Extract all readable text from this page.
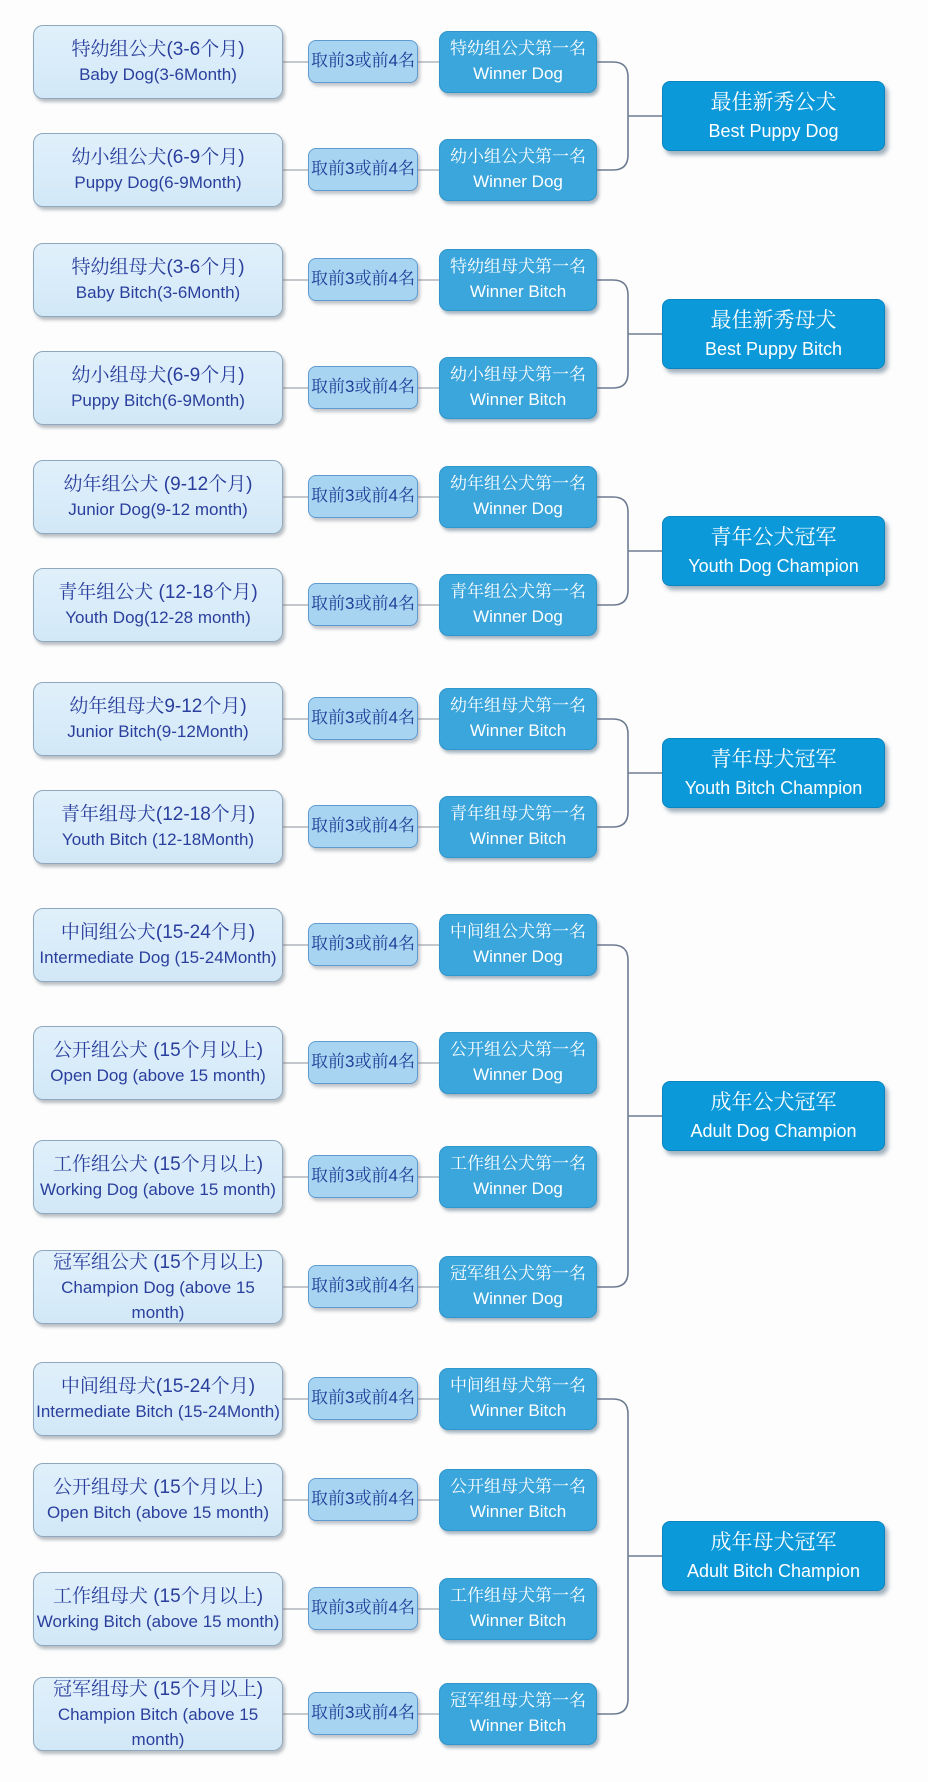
特幼组公犬(3-6个月)
Baby Dog(3-6Month)
取前3或前4名
特幼组公犬第一名
Winner Dog
幼小组公犬(6-9个月)
Puppy Dog(6-9Month)
取前3或前4名
幼小组公犬第一名
Winner Dog
最佳新秀公犬
Best Puppy Dog
特幼组母犬(3-6个月)
Baby Bitch(3-6Month)
取前3或前4名
特幼组母犬第一名
Winner Bitch
幼小组母犬(6-9个月)
Puppy Bitch(6-9Month)
取前3或前4名
幼小组母犬第一名
Winner Bitch
最佳新秀母犬
Best Puppy Bitch
幼年组公犬 (9-12个月)
Junior Dog(9-12 month)
取前3或前4名
幼年组公犬第一名
Winner Dog
青年组公犬 (12-18个月)
Youth Dog(12-28 month)
取前3或前4名
青年组公犬第一名
Winner Dog
青年公犬冠军
Youth Dog Champion
幼年组母犬9-12个月)
Junior Bitch(9-12Month)
取前3或前4名
幼年组母犬第一名
Winner Bitch
青年组母犬(12-18个月)
Youth Bitch (12-18Month)
取前3或前4名
青年组母犬第一名
Winner Bitch
青年母犬冠军
Youth Bitch Champion
中间组公犬(15-24个月)
Intermediate Dog (15-24Month)
取前3或前4名
中间组公犬第一名
Winner Dog
公开组公犬 (15个月以上)
Open Dog (above 15 month)
取前3或前4名
公开组公犬第一名
Winner Dog
工作组公犬 (15个月以上)
Working Dog (above 15 month)
取前3或前4名
工作组公犬第一名
Winner Dog
冠军组公犬 (15个月以上)
Champion Dog (above 15 month)
取前3或前4名
冠军组公犬第一名
Winner Dog
成年公犬冠军
Adult Dog Champion
中间组母犬(15-24个月)
Intermediate Bitch (15-24Month)
取前3或前4名
中间组母犬第一名
Winner Bitch
公开组母犬 (15个月以上)
Open Bitch (above 15 month)
取前3或前4名
公开组母犬第一名
Winner Bitch
工作组母犬 (15个月以上)
Working Bitch (above 15 month)
取前3或前4名
工作组母犬第一名
Winner Bitch
冠军组母犬 (15个月以上)
Champion Bitch (above 15 month)
取前3或前4名
冠军组母犬第一名
Winner Bitch
成年母犬冠军
Adult Bitch Champion
